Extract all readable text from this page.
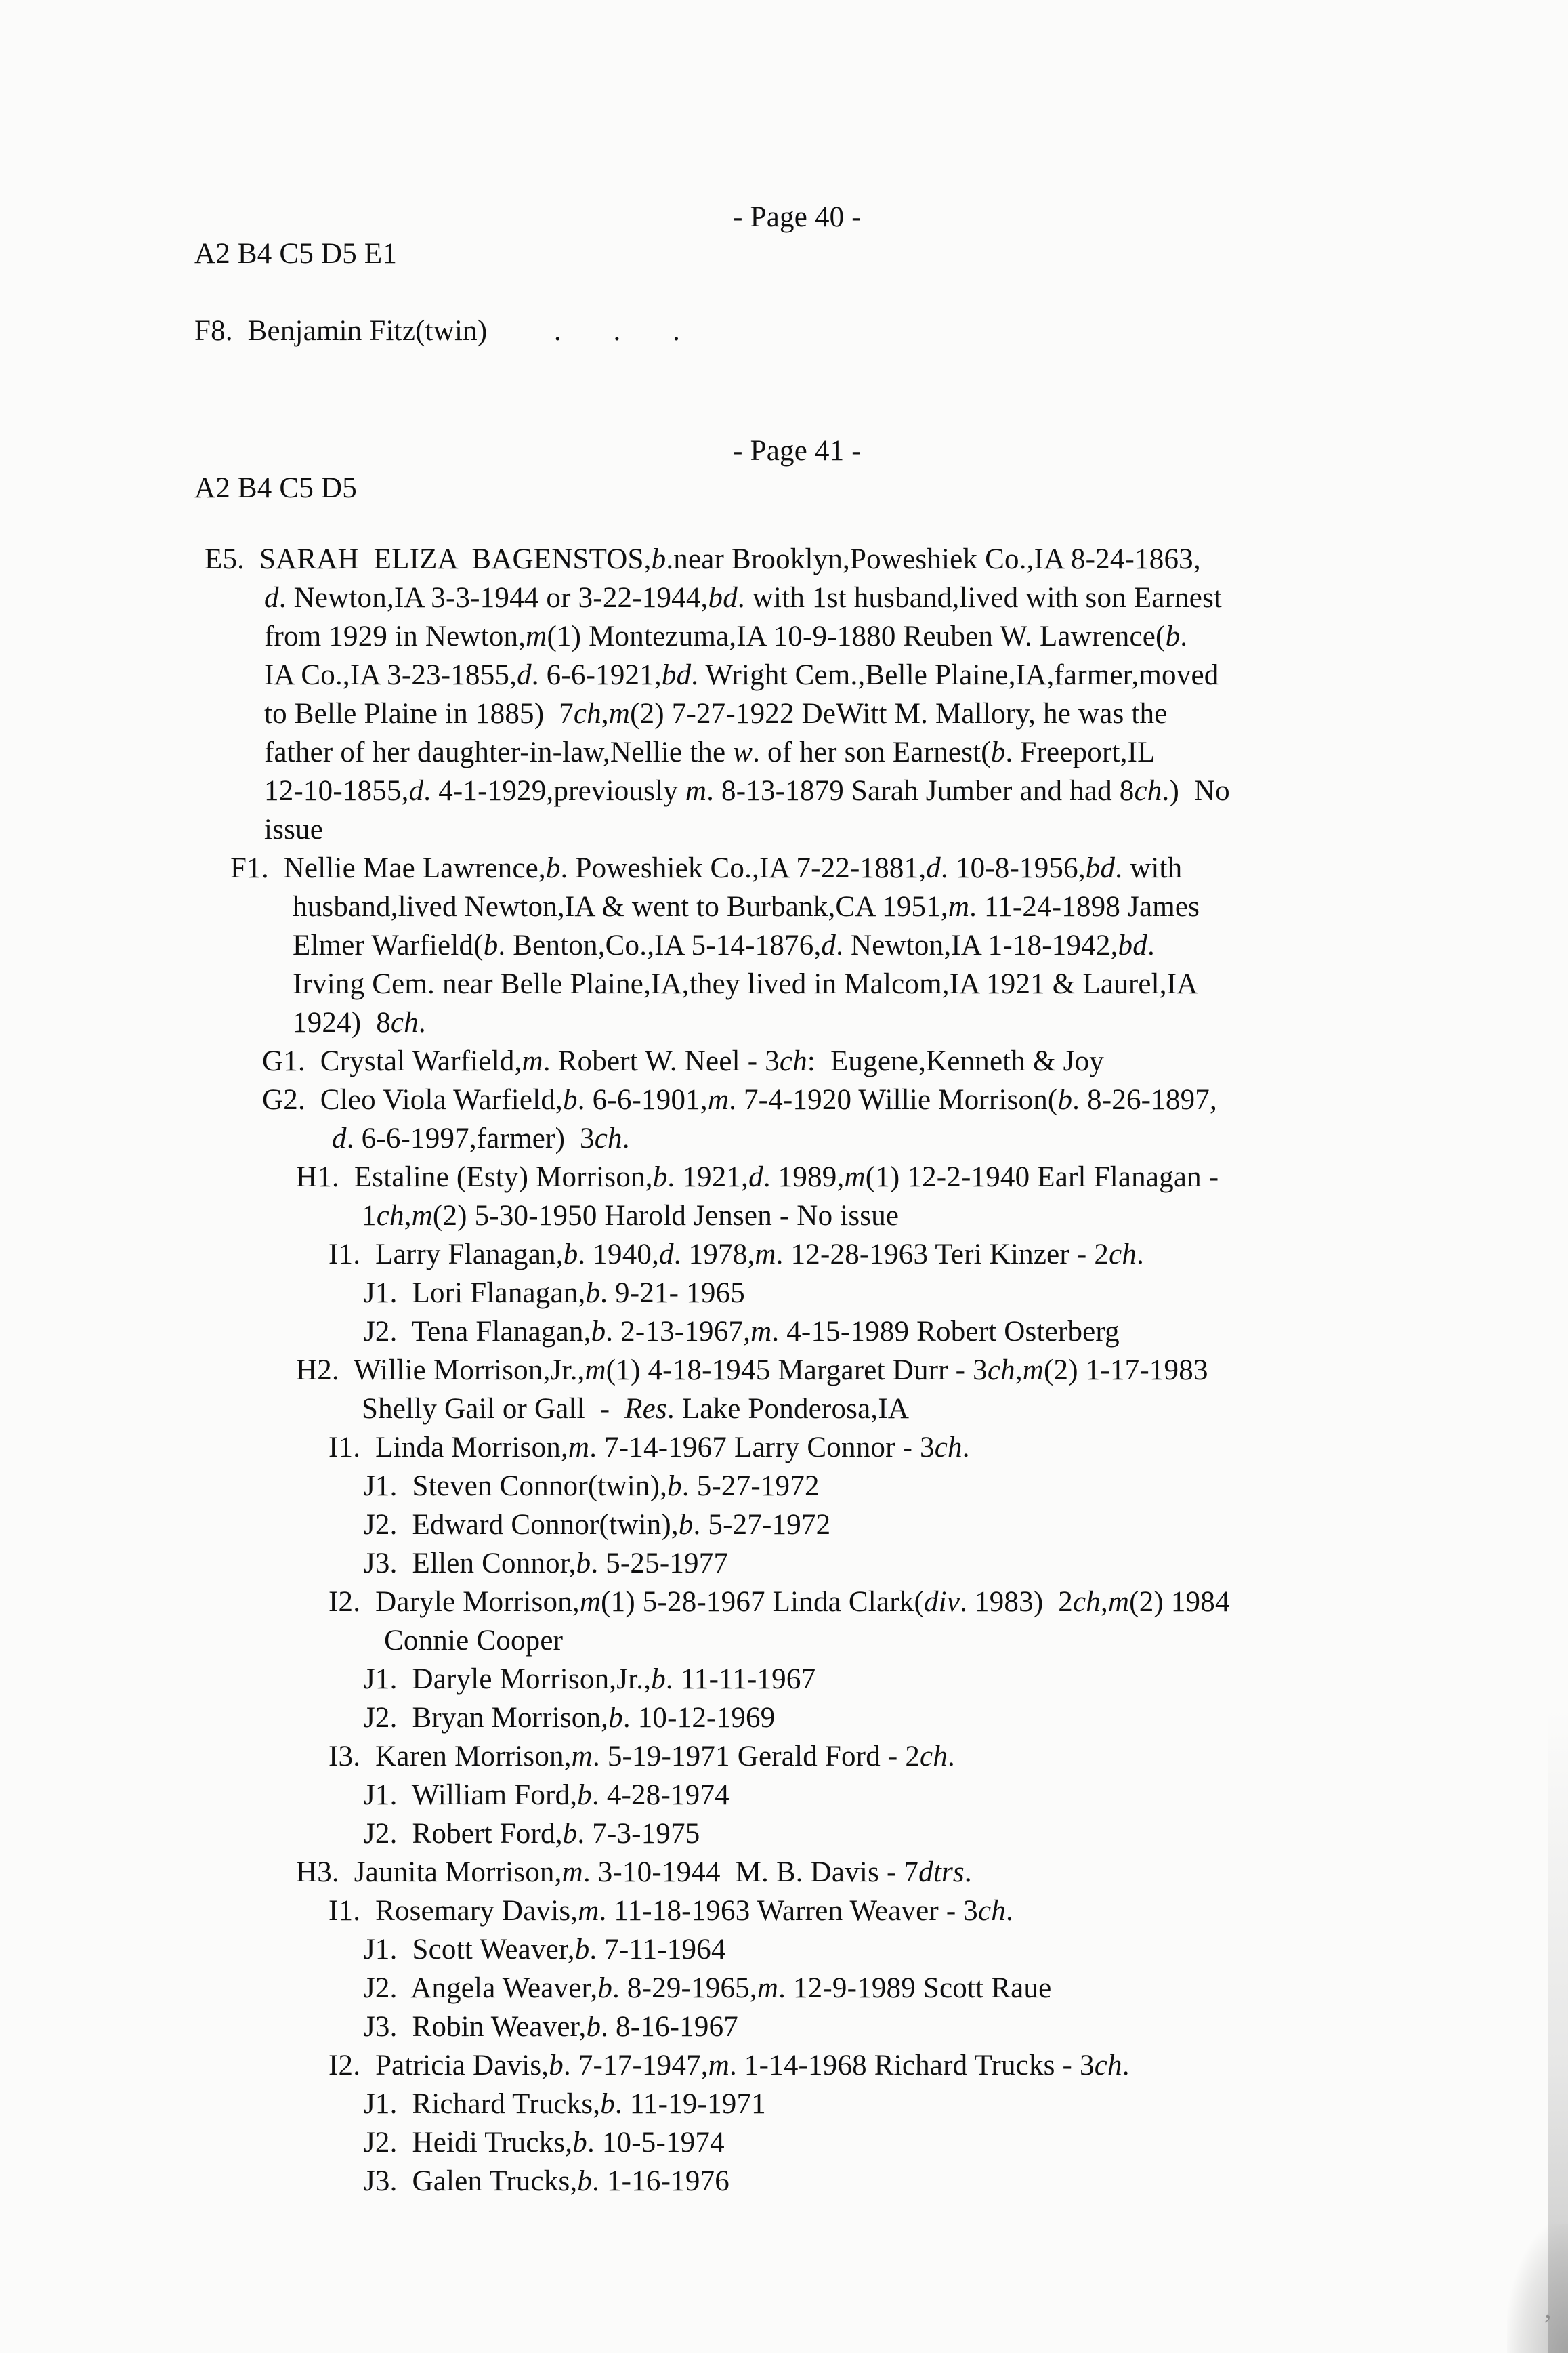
- Page 40 -
A2 B4 C5 D5 E1
F8.  Benjamin Fitz(twin)         .       .       .
- Page 41 -
A2 B4 C5 D5
E5.  SARAH  ELIZA  BAGENSTOS,b.near Brooklyn,Poweshiek Co.,IA 8-24-1863,
d. Newton,IA 3-3-1944 or 3-22-1944,bd. with 1st husband,lived with son Earnest
from 1929 in Newton,m(1) Montezuma,IA 10-9-1880 Reuben W. Lawrence(b.
IA Co.,IA 3-23-1855,d. 6-6-1921,bd. Wright Cem.,Belle Plaine,IA,farmer,moved
to Belle Plaine in 1885)  7ch,m(2) 7-27-1922 DeWitt M. Mallory, he was the
father of her daughter-in-law,Nellie the w. of her son Earnest(b. Freeport,IL
12-10-1855,d. 4-1-1929,previously m. 8-13-1879 Sarah Jumber and had 8ch.)  No
issue
F1.  Nellie Mae Lawrence,b. Poweshiek Co.,IA 7-22-1881,d. 10-8-1956,bd. with
husband,lived Newton,IA & went to Burbank,CA 1951,m. 11-24-1898 James
Elmer Warfield(b. Benton,Co.,IA 5-14-1876,d. Newton,IA 1-18-1942,bd.
Irving Cem. near Belle Plaine,IA,they lived in Malcom,IA 1921 & Laurel,IA
1924)  8ch.
G1.  Crystal Warfield,m. Robert W. Neel - 3ch:  Eugene,Kenneth & Joy
G2.  Cleo Viola Warfield,b. 6-6-1901,m. 7-4-1920 Willie Morrison(b. 8-26-1897,
d. 6-6-1997,farmer)  3ch.
H1.  Estaline (Esty) Morrison,b. 1921,d. 1989,m(1) 12-2-1940 Earl Flanagan -
1ch,m(2) 5-30-1950 Harold Jensen - No issue
I1.  Larry Flanagan,b. 1940,d. 1978,m. 12-28-1963 Teri Kinzer - 2ch.
J1.  Lori Flanagan,b. 9-21- 1965
J2.  Tena Flanagan,b. 2-13-1967,m. 4-15-1989 Robert Osterberg
H2.  Willie Morrison,Jr.,m(1) 4-18-1945 Margaret Durr - 3ch,m(2) 1-17-1983
Shelly Gail or Gall  -  Res. Lake Ponderosa,IA
I1.  Linda Morrison,m. 7-14-1967 Larry Connor - 3ch.
J1.  Steven Connor(twin),b. 5-27-1972
J2.  Edward Connor(twin),b. 5-27-1972
J3.  Ellen Connor,b. 5-25-1977
I2.  Daryle Morrison,m(1) 5-28-1967 Linda Clark(div. 1983)  2ch,m(2) 1984
Connie Cooper
J1.  Daryle Morrison,Jr.,b. 11-11-1967
J2.  Bryan Morrison,b. 10-12-1969
I3.  Karen Morrison,m. 5-19-1971 Gerald Ford - 2ch.
J1.  William Ford,b. 4-28-1974
J2.  Robert Ford,b. 7-3-1975
H3.  Jaunita Morrison,m. 3-10-1944  M. B. Davis - 7dtrs.
I1.  Rosemary Davis,m. 11-18-1963 Warren Weaver - 3ch.
J1.  Scott Weaver,b. 7-11-1964
J2.  Angela Weaver,b. 8-29-1965,m. 12-9-1989 Scott Raue
J3.  Robin Weaver,b. 8-16-1967
I2.  Patricia Davis,b. 7-17-1947,m. 1-14-1968 Richard Trucks - 3ch.
J1.  Richard Trucks,b. 11-19-1971
J2.  Heidi Trucks,b. 10-5-1974
J3.  Galen Trucks,b. 1-16-1976
’
